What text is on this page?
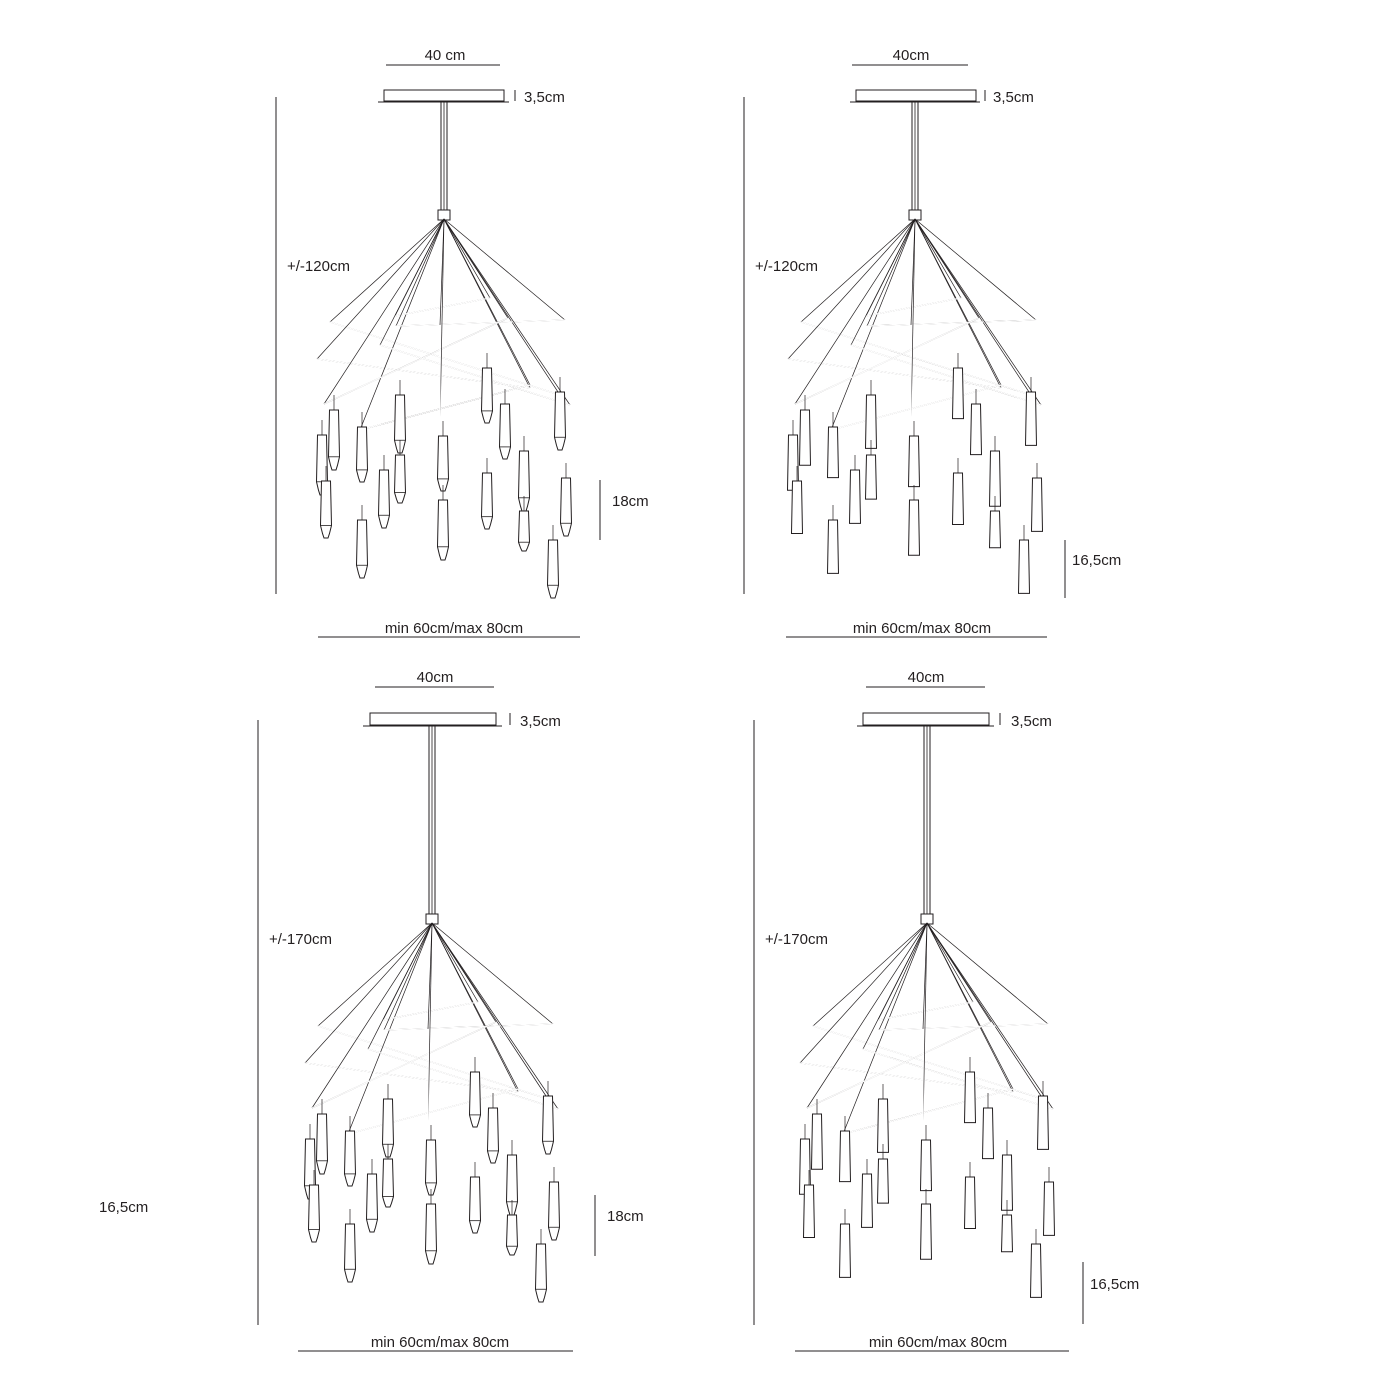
40 cm
3,5cm
+/-120cm
18cm
min 60cm/max 80cm
40cm
3,5cm
+/-120cm
16,5cm
min 60cm/max 80cm
40cm
3,5cm
+/-170cm
18cm
min 60cm/max 80cm
40cm
3,5cm
+/-170cm
16,5cm
min 60cm/max 80cm
16,5cm
